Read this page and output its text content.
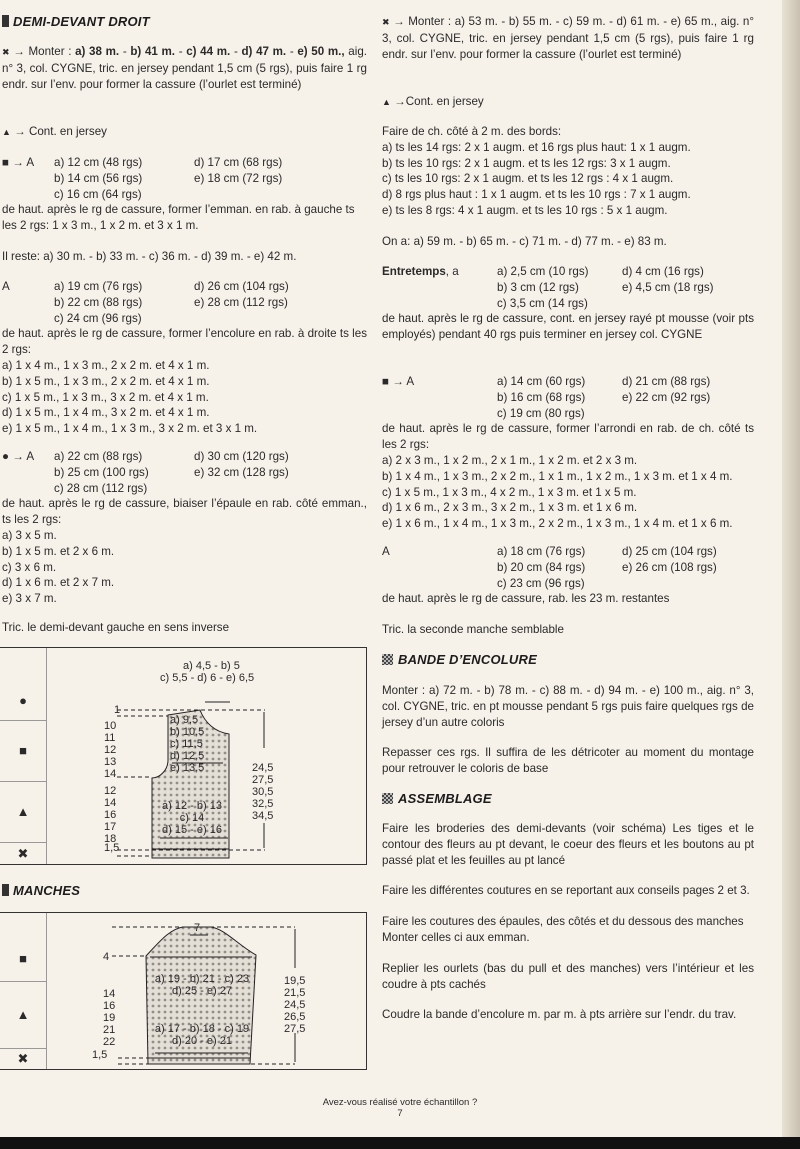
DEMI-DEVANT DROIT
✖ → Monter : a) 38 m. - b) 41 m. - c) 44 m. - d) 47 m. - e) 50 m., aig. n° 3, col. CYGNE, tric. en jersey pendant 1,5 cm (5 rgs), puis faire 1 rg endr. sur l’env. pour former la cassure (l’ourlet est terminé)
▲ → Cont. en jersey
■ → A	a) 12 cm (48 rgs)	d) 17 cm (68 rgs)
b) 14 cm (56 rgs)	e) 18 cm (72 rgs)
c) 16 cm (64 rgs)

de haut. après le rg de cassure, former l’emman. en rab. à gauche ts les 2 rgs: 1 x 3 m., 1 x 2 m. et 3 x 1 m.

Il reste: a) 30 m. - b) 33 m. - c) 36 m. - d) 39 m. - e) 42 m.

A	a) 19 cm (76 rgs)	d) 26 cm (104 rgs)
b) 22 cm (88 rgs)	e) 28 cm (112 rgs)
c) 24 cm (96 rgs)

de haut. après le rg de cassure, former l’encolure en rab. à droite ts les 2 rgs:

a) 1 x 4 m., 1 x 3 m., 2 x 2 m. et 4 x 1 m.

b) 1 x 5 m., 1 x 3 m., 2 x 2 m. et 4 x 1 m.

c) 1 x 5 m., 1 x 3 m., 3 x 2 m. et 4 x 1 m.

d) 1 x 5 m., 1 x 4 m., 3 x 2 m. et 4 x 1 m.

e) 1 x 5 m., 1 x 4 m., 1 x 3 m., 3 x 2 m. et 3 x 1 m.

● → A	a) 22 cm (88 rgs)	d) 30 cm (120 rgs)
b) 25 cm (100 rgs)	e) 32 cm (128 rgs)
c) 28 cm (112 rgs)

de haut. après le rg de cassure, biaiser l’épaule en rab. côté emman., ts les 2 rgs:

a) 3 x 5 m.

b) 1 x 5 m. et 2 x 6 m.

c) 3 x 6 m.

d) 1 x 6 m. et 2 x 7 m.

e) 3 x 7 m.

Tric. le demi-devant gauche en sens inverse
●
■
▲
✖
a) 4,5 - b) 5
c) 5,5 - d) 6 - e) 6,5
1
10
11
12
13
14
12
14
16
17
18
1,5
a) 9,5
b) 10,5
c) 11,5
d) 12,5
e) 13,5
a) 12 - b) 13
c) 14
d) 15 - e) 16
24,5
27,5
30,5
32,5
34,5
MANCHES
■
▲
✖
7
4
14
16
19
21
22
1,5
a) 19 - b) 21 - c) 23
d) 25 - e) 27
a) 17 - b) 18 - c) 19
d) 20 - e) 21
19,5
21,5
24,5
26,5
27,5
✖ → Monter : a) 53 m. - b) 55 m. - c) 59 m. - d) 61 m. - e) 65 m., aig. n° 3, col. CYGNE, tric. en jersey pendant 1,5 cm (5 rgs), puis faire 1 rg endr. sur l’env. pour former la cassure (l’ourlet est terminé)
▲ →Cont. en jersey

Faire de ch. côté à 2 m. des bords:

a) ts les 14 rgs: 2 x 1 augm. et 16 rgs plus haut: 1 x 1 augm.

b) ts les 10 rgs: 2 x 1 augm. et ts les 12 rgs: 3 x 1 augm.

c) ts les 10 rgs: 2 x 1 augm. et ts les 12 rgs : 4 x 1 augm.

d) 8 rgs plus haut : 1 x 1 augm. et ts les 10 rgs : 7 x 1 augm.

e) ts les 8 rgs: 4 x 1 augm. et ts les 10 rgs : 5 x 1 augm.

On a: a) 59 m. - b) 65 m. - c) 71 m. - d) 77 m. - e) 83 m.

Entretemps, a	a) 2,5 cm (10 rgs)	d) 4 cm (16 rgs)
b) 3 cm (12 rgs)	e) 4,5 cm (18 rgs)
c) 3,5 cm (14 rgs)

de haut. après le rg de cassure, cont. en jersey rayé pt mousse (voir pts employés) pendant 40 rgs puis terminer en jersey col. CYGNE

■ → A	a) 14 cm (60 rgs)	d) 21 cm (88 rgs)
b) 16 cm (68 rgs)	e) 22 cm (92 rgs)
c) 19 cm (80 rgs)

de haut. après le rg de cassure, former l’arrondi en rab. de ch. côté ts les 2 rgs:

a) 2 x 3 m., 1 x 2 m., 2 x 1 m., 1 x 2 m. et 2 x 3 m.

b) 1 x 4 m., 1 x 3 m., 2 x 2 m., 1 x 1 m., 1 x 2 m., 1 x 3 m. et 1 x 4 m.

c) 1 x 5 m., 1 x 3 m., 4 x 2 m., 1 x 3 m. et 1 x 5 m.

d) 1 x 6 m., 2 x 3 m., 3 x 2 m., 1 x 3 m. et 1 x 6 m.

e) 1 x 6 m., 1 x 4 m., 1 x 3 m., 2 x 2 m., 1 x 3 m., 1 x 4 m. et 1 x 6 m.

A	a) 18 cm (76 rgs)	d) 25 cm (104 rgs)
b) 20 cm (84 rgs)	e) 26 cm (108 rgs)
c) 23 cm (96 rgs)

de haut. après le rg de cassure, rab. les 23 m. restantes

Tric. la seconde manche semblable

BANDE D’ENCOLURE

Monter : a) 72 m. - b) 78 m. - c) 88 m. - d) 94 m. - e) 100 m., aig. n° 3, col. CYGNE, tric. en pt mousse pendant 5 rgs puis faire quelques rgs de jersey d’un autre coloris

Repasser ces rgs. Il suffira de les détricoter au moment du montage pour retrouver le coloris de base

ASSEMBLAGE

Faire les broderies des demi-devants (voir schéma) Les tiges et le contour des fleurs au pt devant, le coeur des fleurs et les boutons au pt passé plat et les feuilles au pt lancé

Faire les différentes coutures en se reportant aux conseils pages 2 et 3.

Faire les coutures des épaules, des côtés et du dessous des manches

Monter celles ci aux emman.

Replier les ourlets (bas du pull et des manches) vers l’intérieur et les coudre à pts cachés

Coudre la bande d’encolure m. par m. à pts arrière sur l’endr. du trav.

Avez-vous réalisé votre échantillon ?
7
